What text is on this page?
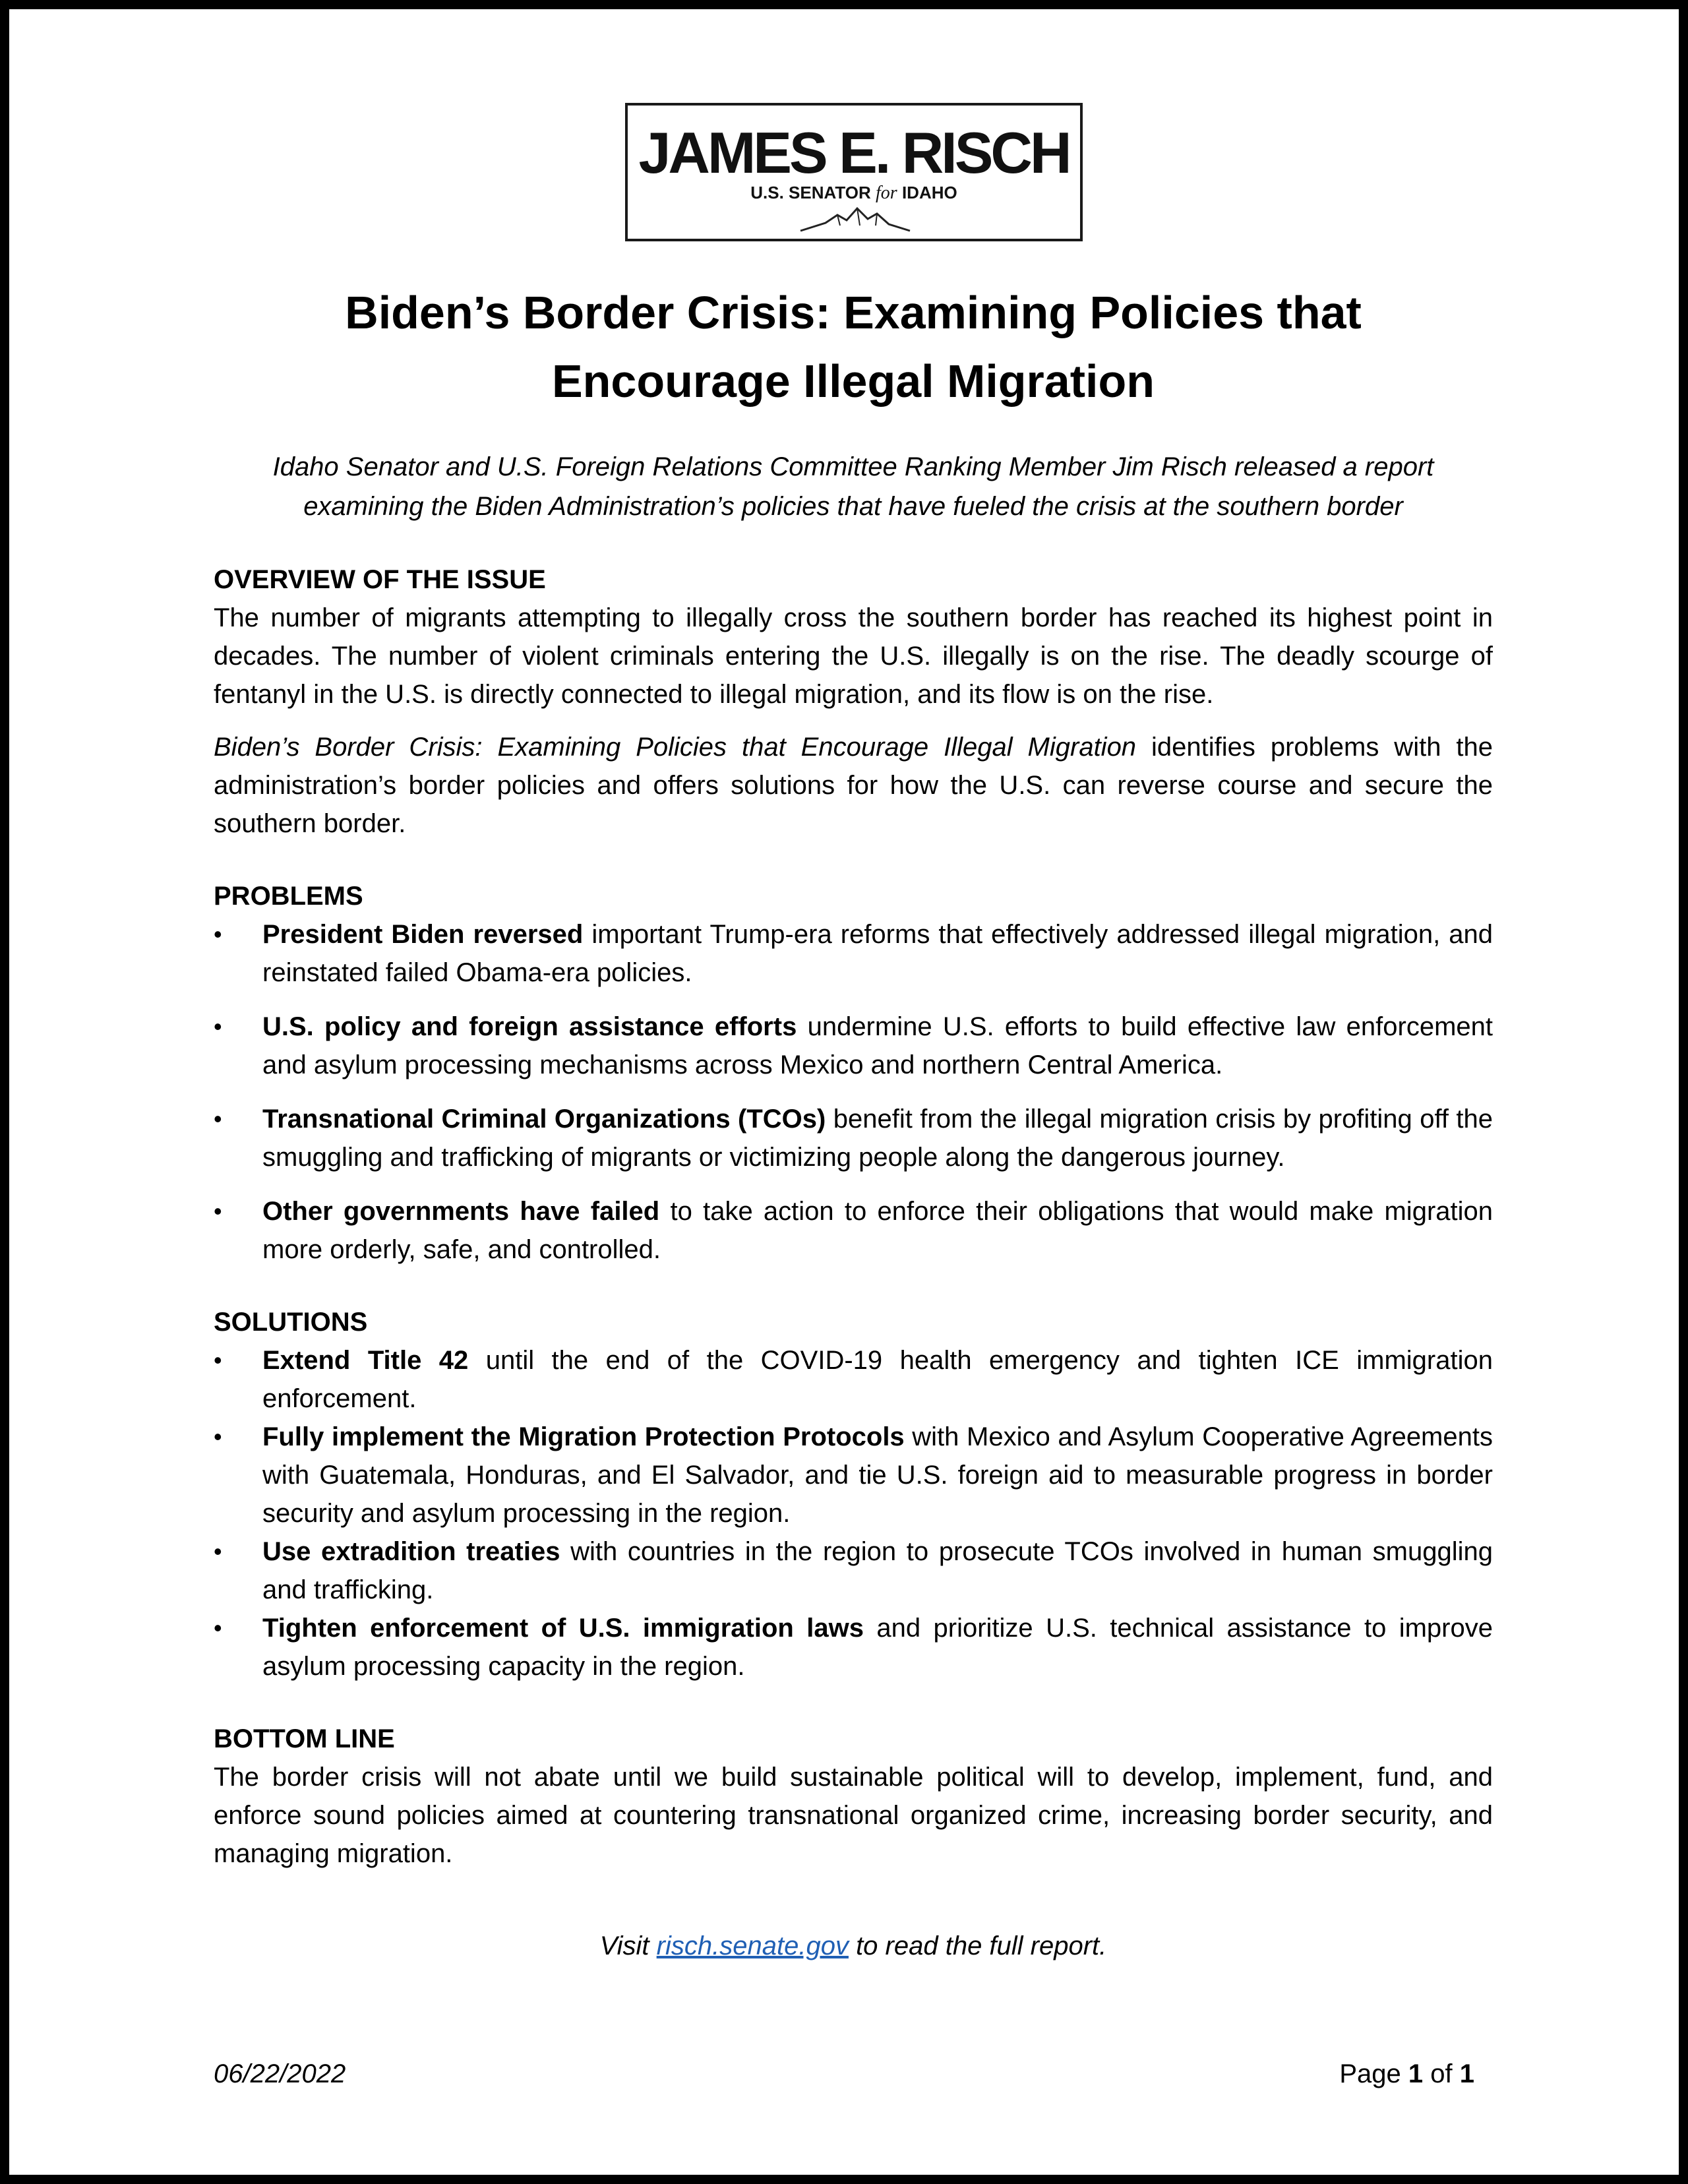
JAMES E. RISCH
U.S. SENATOR for IDAHO
Biden’s Border Crisis: Examining Policies that
Encourage Illegal Migration

Idaho Senator and U.S. Foreign Relations Committee Ranking Member Jim Risch released a report
examining the Biden Administration’s policies that have fueled the crisis at the southern border

OVERVIEW OF THE ISSUE

The number of migrants attempting to illegally cross the southern border has reached its highest point in decades. The number of violent criminals entering the U.S. illegally is on the rise. The deadly scourge of fentanyl in the U.S. is directly connected to illegal migration, and its flow is on the rise.

Biden’s Border Crisis: Examining Policies that Encourage Illegal Migration identifies problems with the administration’s border policies and offers solutions for how the U.S. can reverse course and secure the southern border.

PROBLEMS
•	President Biden reversed important Trump-era reforms that effectively addressed illegal migration, and reinstated failed Obama-era policies.
•	U.S. policy and foreign assistance efforts undermine U.S. efforts to build effective law enforcement and asylum processing mechanisms across Mexico and northern Central America.
•	Transnational Criminal Organizations (TCOs) benefit from the illegal migration crisis by profiting off the smuggling and trafficking of migrants or victimizing people along the dangerous journey.
•	Other governments have failed to take action to enforce their obligations that would make migration more orderly, safe, and controlled.
SOLUTIONS
•	Extend Title 42 until the end of the COVID-19 health emergency and tighten ICE immigration enforcement.
•	Fully implement the Migration Protection Protocols with Mexico and Asylum Cooperative Agreements with Guatemala, Honduras, and El Salvador, and tie U.S. foreign aid to measurable progress in border security and asylum processing in the region.
•	Use extradition treaties with countries in the region to prosecute TCOs involved in human smuggling and trafficking.
•	Tighten enforcement of U.S. immigration laws and prioritize U.S. technical assistance to improve asylum processing capacity in the region.
BOTTOM LINE

The border crisis will not abate until we build sustainable political will to develop, implement, fund, and enforce sound policies aimed at countering transnational organized crime, increasing border security, and managing migration.

Visit risch.senate.gov to read the full report.
06/22/2022	Page 1 of 1
